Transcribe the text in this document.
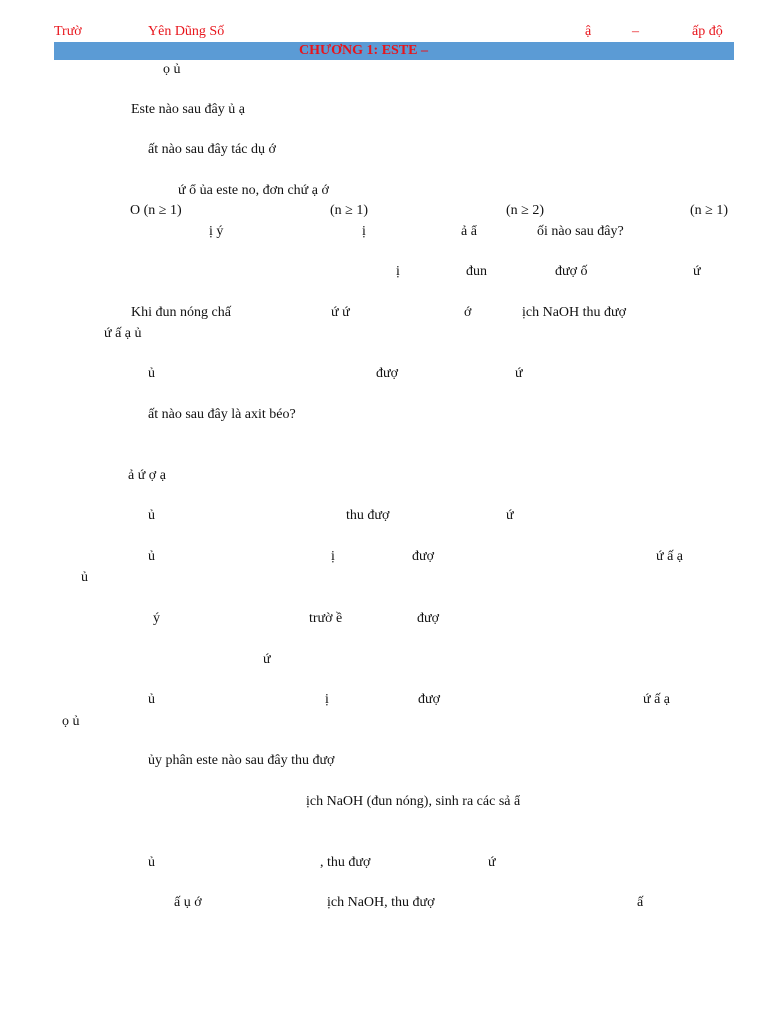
Trườ	Yên Dũng Số	ậ	–	ấp độ
CHƯƠNG 1: ESTE –
ọ ủ
Este nào sau đây ủ ạ
ất nào sau đây tác dụ ớ
ứ ổ ủa este no, đơn chứ ạ ớ
O (n ≥ 1)	(n ≥ 1)	(n ≥ 2)	(n ≥ 1)
ị ý	ị	ả ẩ	ối nào sau đây?
ị	đun	đượ ố	ứ
Khi đun nóng chấ	ứ ứ	ớ	ịch NaOH thu đượ
ứ ấ ạ ủ
ủ	đượ	ứ
ất nào sau đây là axit béo?
ả ứ ợ ạ
ủ	thu đượ	ứ
ủ	ị	đượ	ứ ấ ạ
ủ
ý	trườ ề	đượ
ứ
ủ	ị	đượ	ứ ấ ạ
ọ ủ
ủy phân este nào sau đây thu đượ
ịch NaOH (đun nóng), sinh ra các sả ẩ
ủ	, thu đượ	ứ
ấ ụ ớ	ịch NaOH, thu đượ	ấ
